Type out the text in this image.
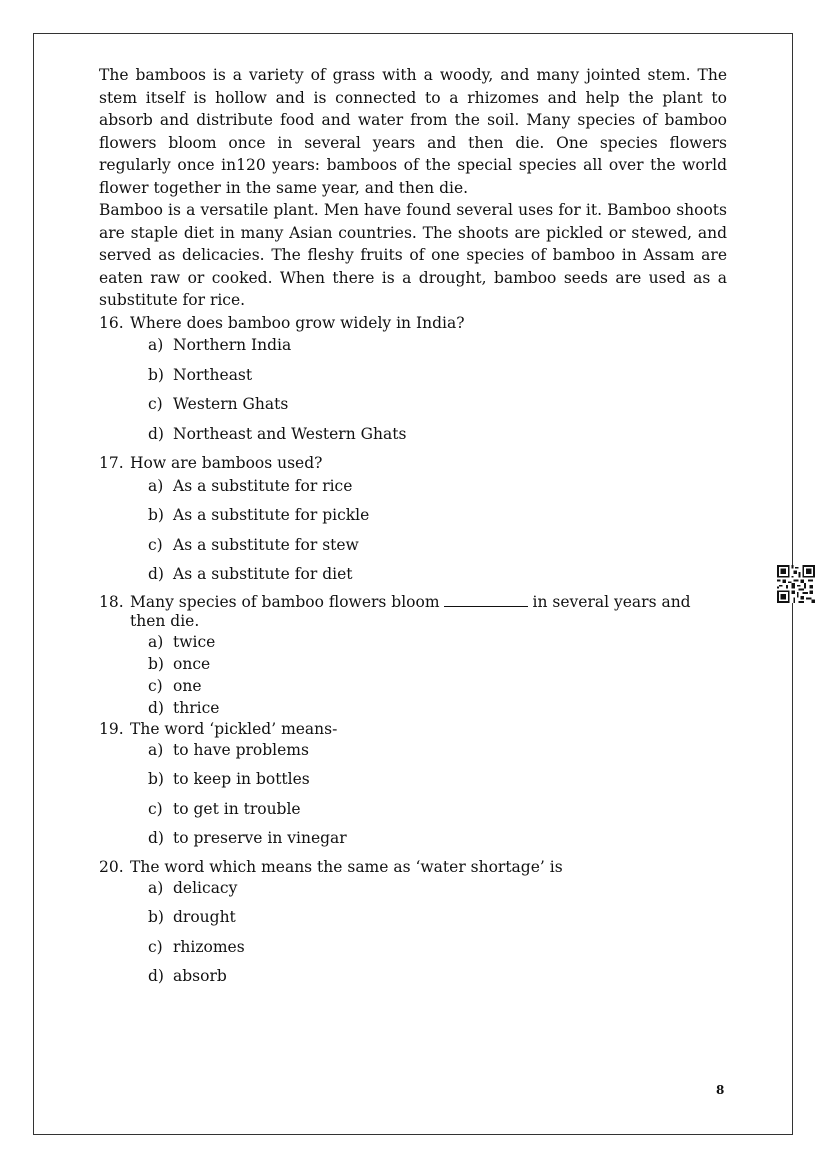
The bamboos is a variety of grass with a woody, and many jointed stem. The stem itself is hollow and is connected to a rhizomes and help the plant to absorb and distribute food and water from the soil. Many species of bamboo flowers bloom once in several years and then die. One species flowers regularly once in120 years: bamboos of the special species all over the world flower together in the same year, and then die.

Bamboo is a versatile plant. Men have found several uses for it. Bamboo shoots are staple diet in many Asian countries. The shoots are pickled or stewed, and served as delicacies. The fleshy fruits of one species of bamboo in Assam are eaten raw or cooked. When there is a drought, bamboo seeds are used as a substitute for rice.

16. Where does bamboo grow widely in India?
a) Northern India
b) Northeast
c) Western Ghats
d) Northeast and Western Ghats
17. How are bamboos used?
a) As a substitute for rice
b) As a substitute for pickle
c) As a substitute for stew
d) As a substitute for diet
18. Many species of bamboo flowers bloom	in several years and then die.
a) twice
b) once
c) one
d) thrice
19. The word ‘pickled’ means-
a) to have problems
b) to keep in bottles
c) to get in trouble
d) to preserve in vinegar
20. The word which means the same as ‘water shortage’ is
a) delicacy
b) drought
c) rhizomes
d) absorb
8
